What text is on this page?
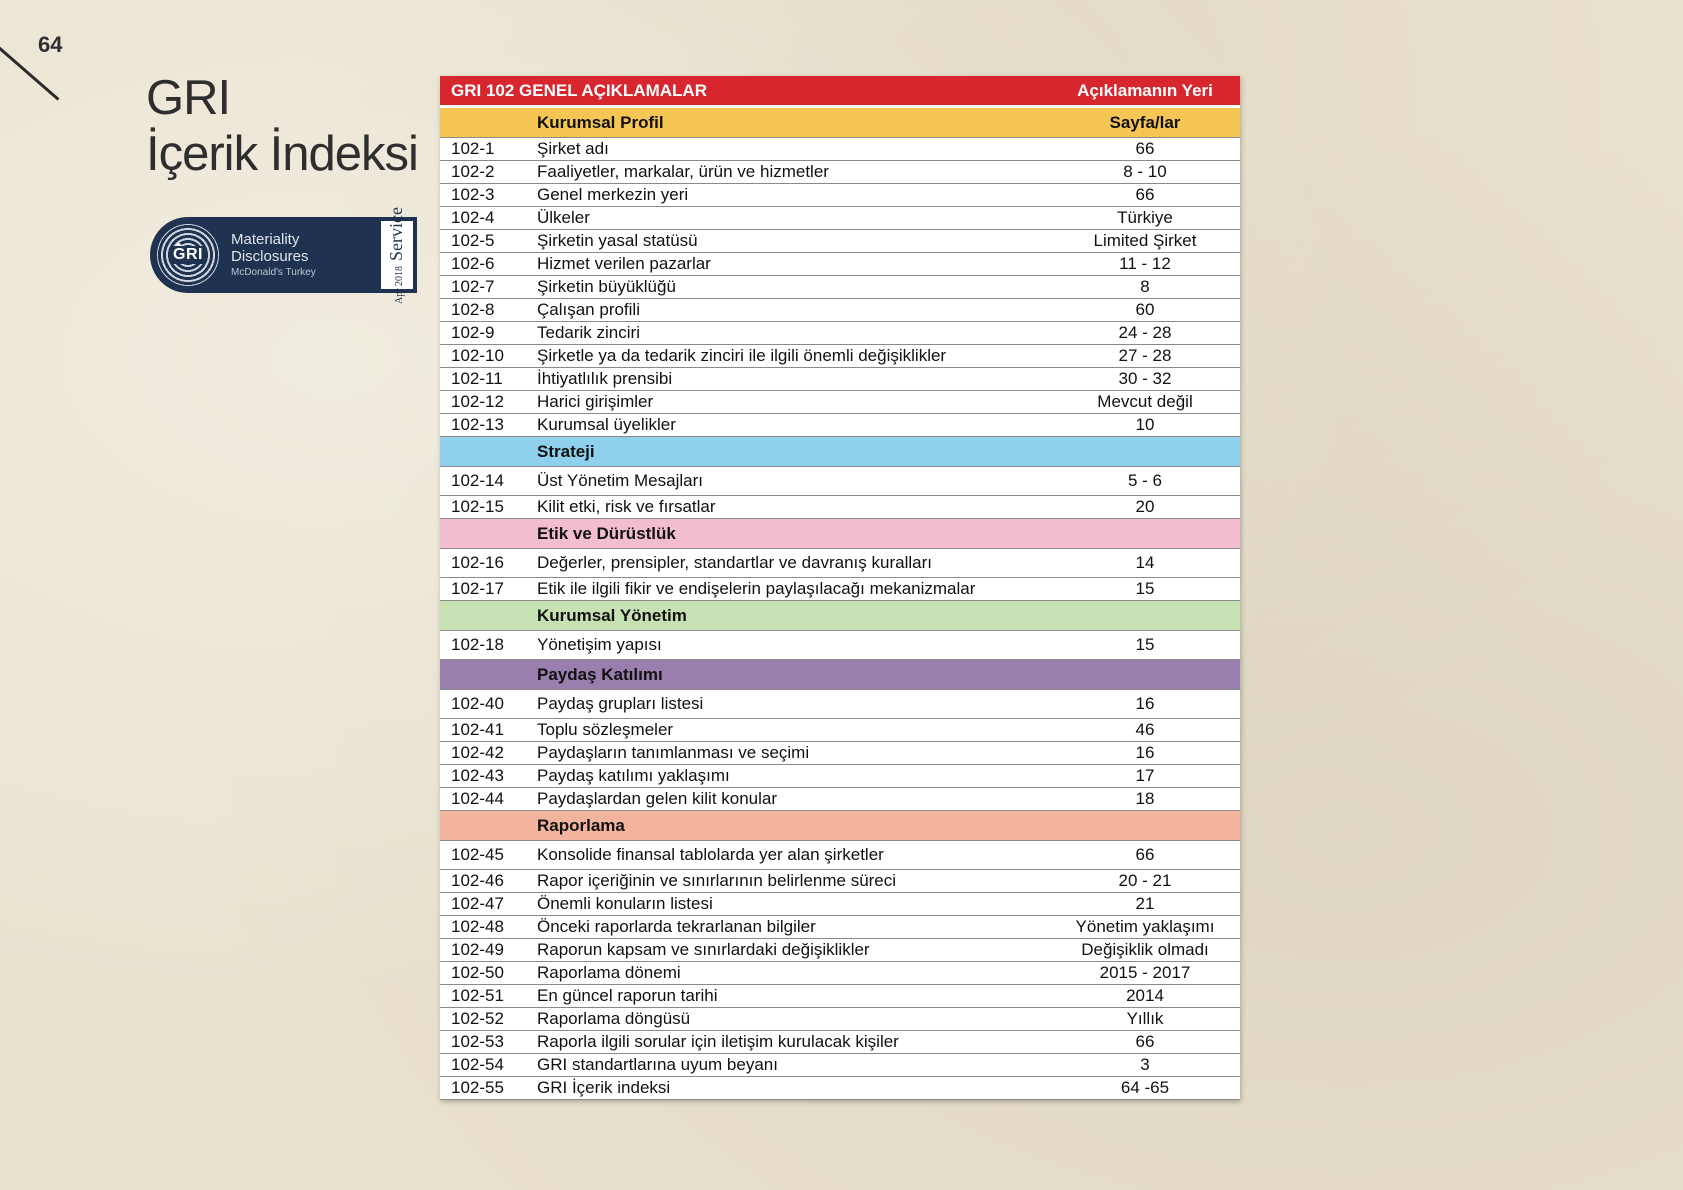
64
GRI
İçerik İndeksi
GRI
Materiality
Disclosures
McDonald's Turkey	Apr 2018
Service
GRI 102 GENEL AÇIKLAMALAR	Açıklamanın Yeri
Kurumsal Profil	Sayfa/lar
102-1	Şirket adı	66
102-2	Faaliyetler, markalar, ürün ve hizmetler	8 - 10
102-3	Genel merkezin yeri	66
102-4	Ülkeler	Türkiye
102-5	Şirketin yasal statüsü	Limited Şirket
102-6	Hizmet verilen pazarlar	11 - 12
102-7	Şirketin büyüklüğü	8
102-8	Çalışan profili	60
102-9	Tedarik zinciri	24 - 28
102-10	Şirketle ya da tedarik zinciri ile ilgili önemli değişiklikler	27 - 28
102-11	İhtiyatlılık prensibi	30 - 32
102-12	Harici girişimler	Mevcut değil
102-13	Kurumsal üyelikler	10
Strateji
102-14	Üst Yönetim Mesajları	5 - 6
102-15	Kilit etki, risk ve fırsatlar	20
Etik ve Dürüstlük
102-16	Değerler, prensipler, standartlar ve davranış kuralları	14
102-17	Etik ile ilgili fikir ve endişelerin paylaşılacağı mekanizmalar	15
Kurumsal Yönetim
102-18	Yönetişim yapısı	15
Paydaş Katılımı
102-40	Paydaş grupları listesi	16
102-41	Toplu sözleşmeler	46
102-42	Paydaşların tanımlanması ve seçimi	16
102-43	Paydaş katılımı yaklaşımı	17
102-44	Paydaşlardan gelen kilit konular	18
Raporlama
102-45	Konsolide finansal tablolarda yer alan şirketler	66
102-46	Rapor içeriğinin ve sınırlarının belirlenme süreci	20 - 21
102-47	Önemli konuların listesi	21
102-48	Önceki raporlarda tekrarlanan bilgiler	Yönetim yaklaşımı
102-49	Raporun kapsam ve sınırlardaki değişiklikler	Değişiklik olmadı
102-50	Raporlama dönemi	2015 - 2017
102-51	En güncel raporun tarihi	2014
102-52	Raporlama döngüsü	Yıllık
102-53	Raporla ilgili sorular için iletişim kurulacak kişiler	66
102-54	GRI standartlarına uyum beyanı	3
102-55	GRI İçerik indeksi	64 -65
